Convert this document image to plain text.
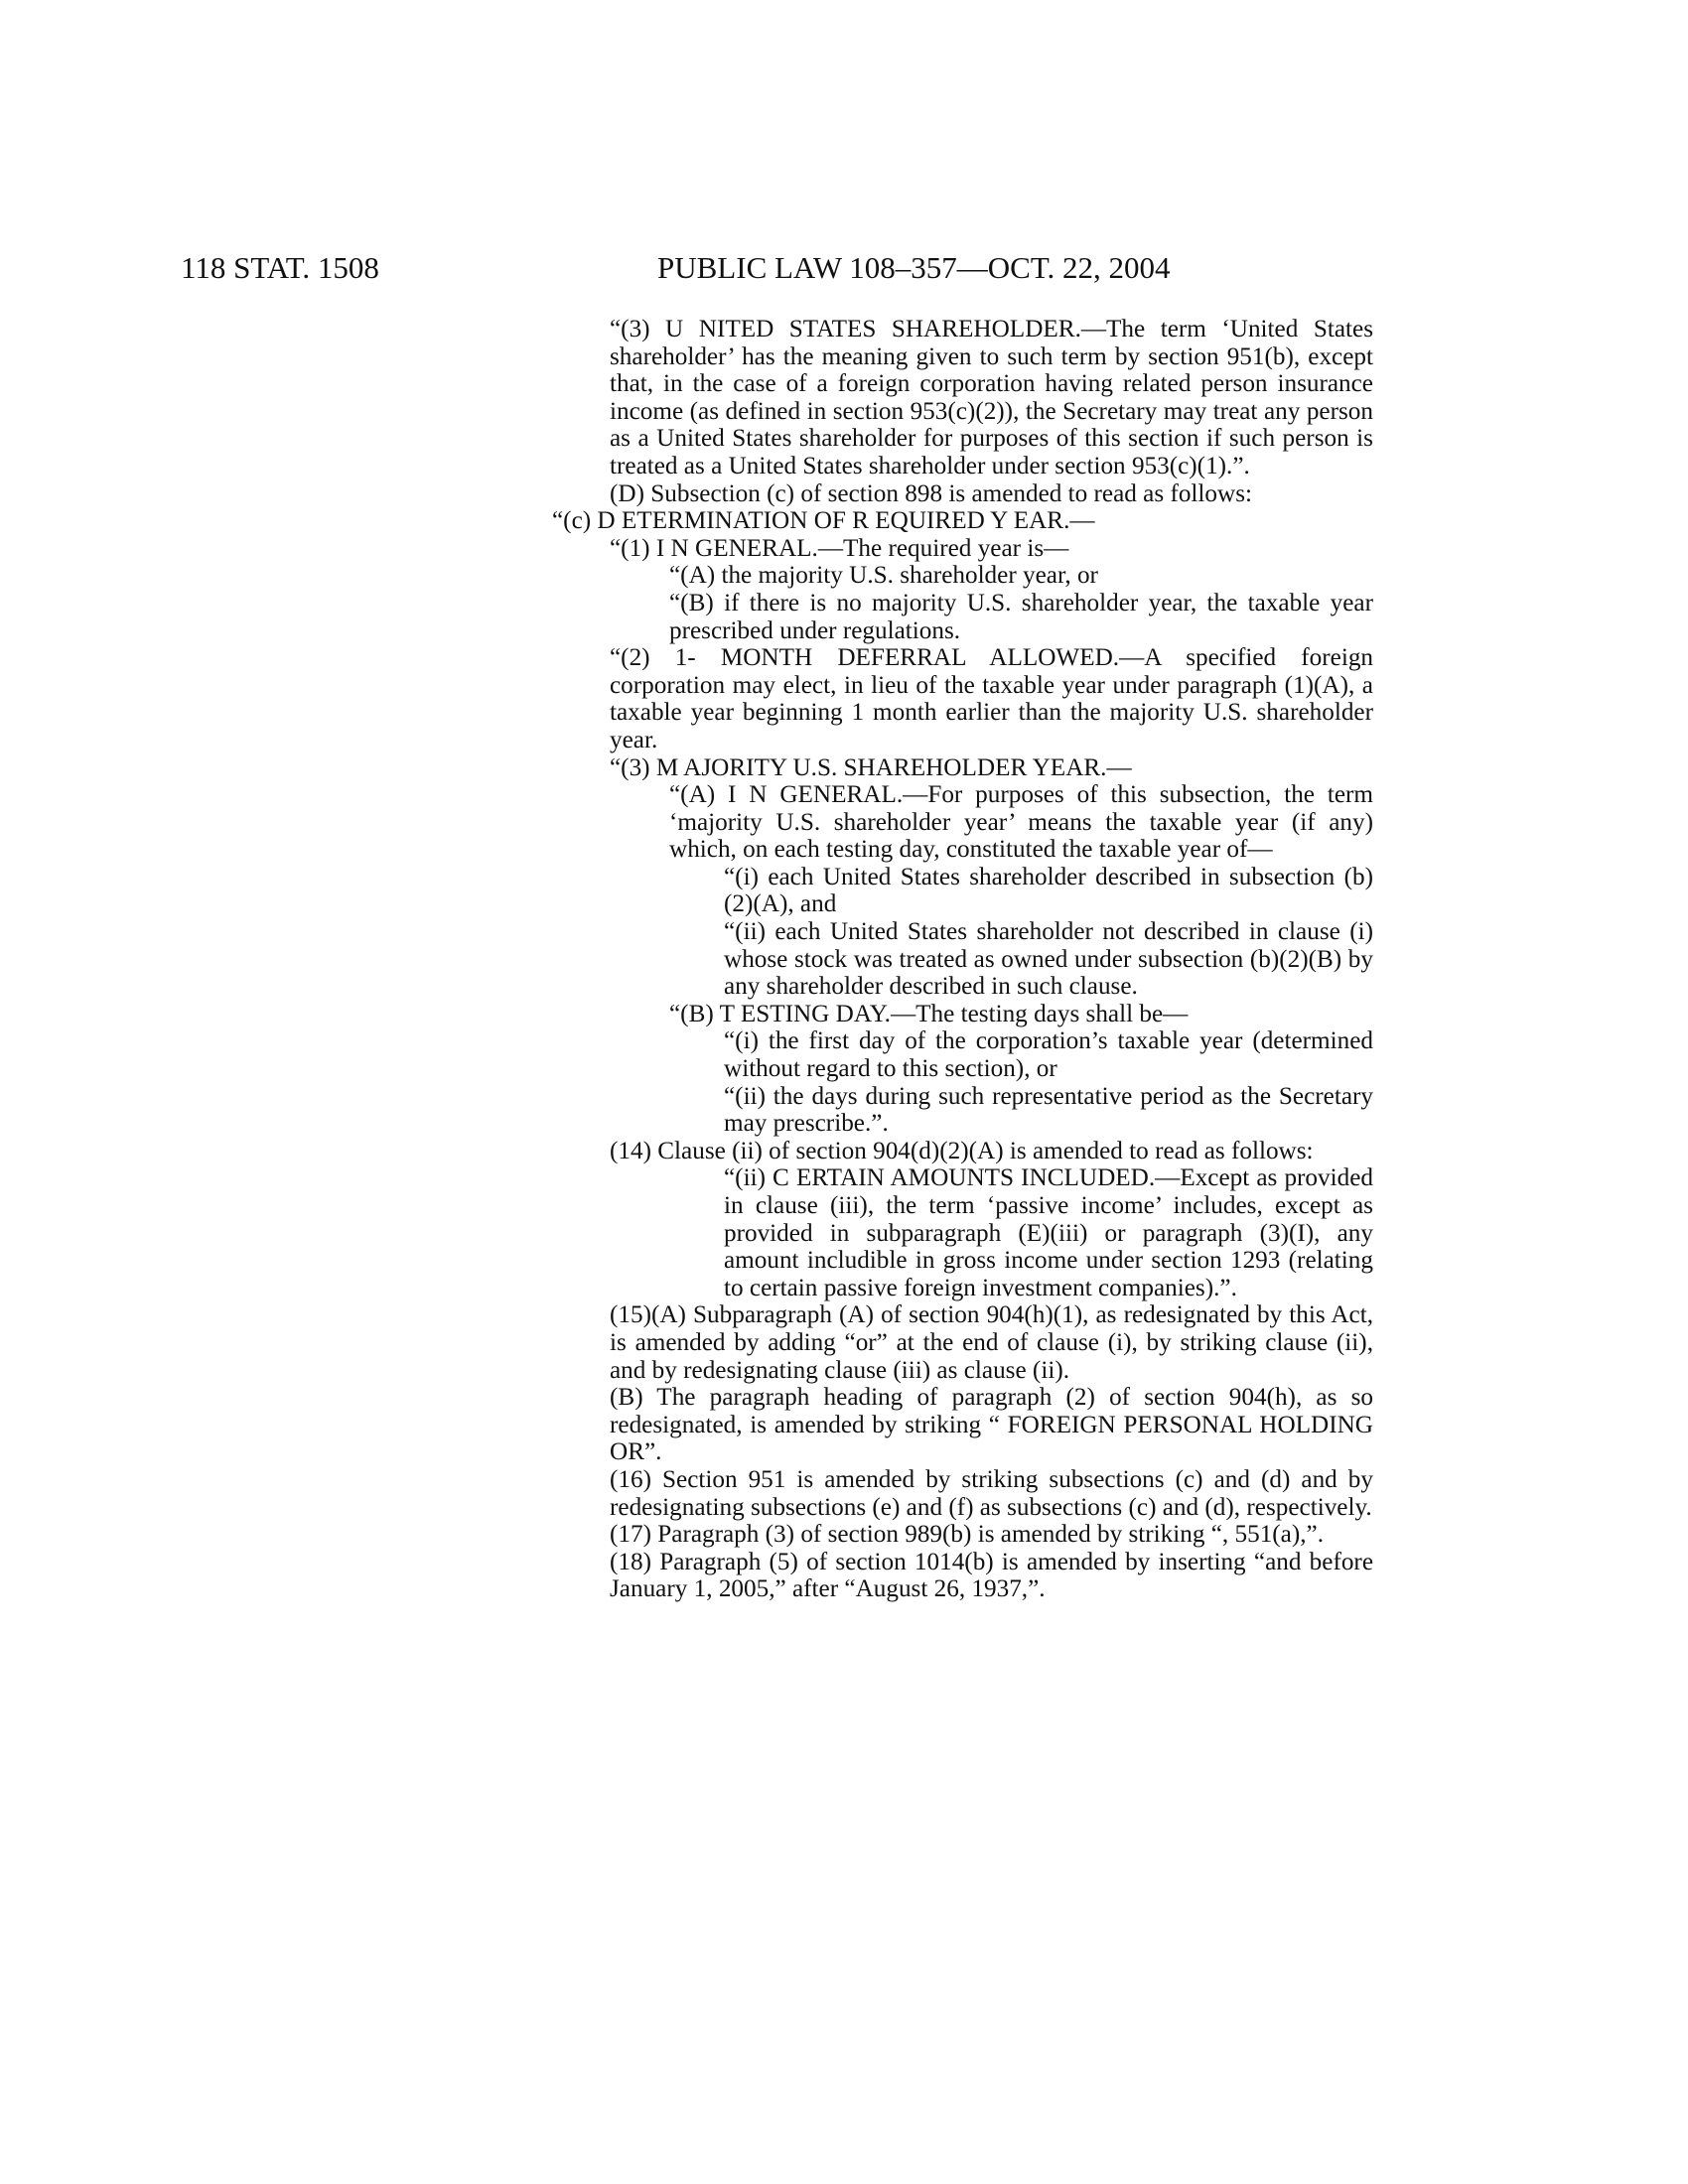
118 STAT. 1508	PUBLIC LAW 108–357—OCT. 22, 2004

“(3) U NITED STATES SHAREHOLDER.—The term ‘United States shareholder’ has the meaning given to such term by section 951(b), except that, in the case of a foreign corporation having related person insurance income (as defined in section 953(c)(2)), the Secretary may treat any person as a United States shareholder for purposes of this section if such person is treated as a United States shareholder under section 953(c)(1).”.

(D) Subsection (c) of section 898 is amended to read as follows:

“(c) D ETERMINATION OF R EQUIRED Y EAR.—

“(1) I N GENERAL.—The required year is—

“(A) the majority U.S. shareholder year, or

“(B) if there is no majority U.S. shareholder year, the taxable year prescribed under regulations.

“(2) 1- MONTH DEFERRAL ALLOWED.—A specified foreign corporation may elect, in lieu of the taxable year under paragraph (1)(A), a taxable year beginning 1 month earlier than the majority U.S. shareholder year.

“(3) M AJORITY U.S. SHAREHOLDER YEAR.—

“(A) I N GENERAL.—For purposes of this subsection, the term ‘majority U.S. shareholder year’ means the taxable year (if any) which, on each testing day, constituted the taxable year of—

“(i) each United States shareholder described in subsection (b)(2)(A), and

“(ii) each United States shareholder not described in clause (i) whose stock was treated as owned under subsection (b)(2)(B) by any shareholder described in such clause.

“(B) T ESTING DAY.—The testing days shall be—

“(i) the first day of the corporation’s taxable year (determined without regard to this section), or

“(ii) the days during such representative period as the Secretary may prescribe.”.

(14) Clause (ii) of section 904(d)(2)(A) is amended to read as follows:

“(ii) C ERTAIN AMOUNTS INCLUDED.—Except as provided in clause (iii), the term ‘passive income’ includes, except as provided in subparagraph (E)(iii) or paragraph (3)(I), any amount includible in gross income under section 1293 (relating to certain passive foreign investment companies).”.

(15)(A) Subparagraph (A) of section 904(h)(1), as redesignated by this Act, is amended by adding “or” at the end of clause (i), by striking clause (ii), and by redesignating clause (iii) as clause (ii).

(B) The paragraph heading of paragraph (2) of section 904(h), as so redesignated, is amended by striking “ FOREIGN PERSONAL HOLDING OR”.

(16) Section 951 is amended by striking subsections (c) and (d) and by redesignating subsections (e) and (f) as subsections (c) and (d), respectively.

(17) Paragraph (3) of section 989(b) is amended by striking “, 551(a),”.

(18) Paragraph (5) of section 1014(b) is amended by inserting “and before January 1, 2005,” after “August 26, 1937,”.
